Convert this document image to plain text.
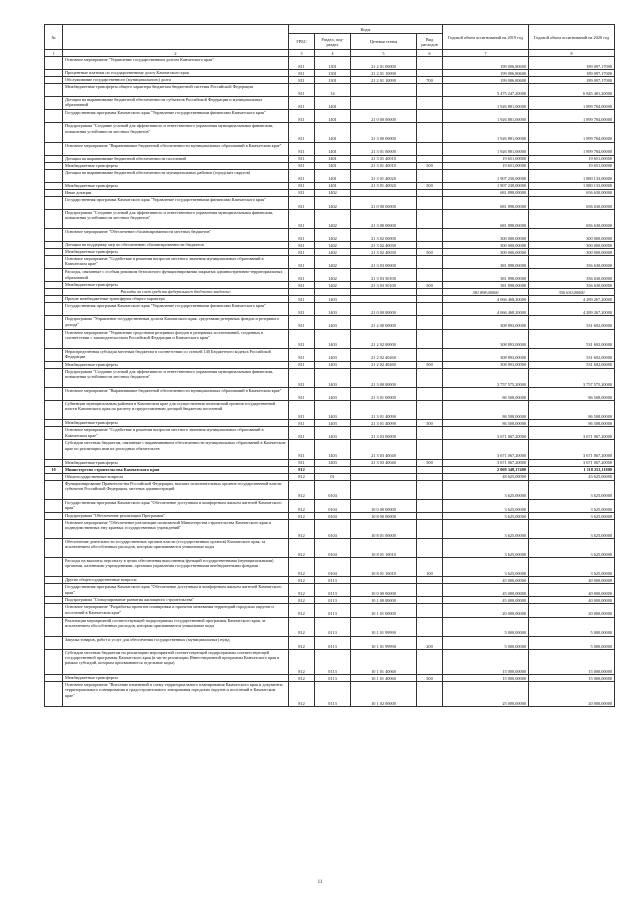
№		Коды				Годовой объем ассигнований на 2019 год	Годовой объем ассигнований на 2020 год
		ГРБС	Раздел, под-раздел	Целевая статья	Вид расходов		
1	2	3	4	5	6	7	8
	Основное мероприятие "Управление государственным долгом Камчатского края"	811	1301	21 2 01 00000		199 006,80600	189 097,17000
	Процентные платежи по государственному долгу Камчатского края	811	1301	21 2 01 10090		199 006,80600	189 097,17000
	Обслуживание государственного (муниципального) долга	811	1301	21 2 01 10090	700	199 006,80600	189 097,17000
	Межбюджетные трансферты общего характера бюджетам бюджетной системы Российской Федерации	811	14			5 475 247,20000	6 845 481,20000
	Дотации на выравнивание бюджетной обеспеченности субъектов Российской Федерации и муниципальных образований	811	1401			1 926 881,00000	1 899 784,00000
	Государственная программа Камчатского края "Управление государственными финансами Камчатского края"	811	1401	21 0 00 00000		1 926 881,00000	1 899 784,00000
	Подпрограмма "Создание условий для эффективного и ответственного управления муниципальными финансами, повышения устойчивости местных бюджетов"	811	1401	21 3 00 00000		1 926 881,00000	1 899 784,00000
	Основное мероприятие "Выравнивание бюджетной обеспеченности муниципальных образований в Камчатском крае"	811	1401	21 3 01 00000		1 926 881,00000	1 899 784,00000
	Дотации на выравнивание бюджетной обеспеченности поселений	811	1401	21 3 01 40010		19 651,00000	19 651,00000
	Межбюджетные трансферты	811	1401	21 3 01 40010	500	19 651,00000	19 651,00000
	Дотации на выравнивание бюджетной обеспеченности муниципальных районов (городских округов)	811	1401	21 3 01 40020		1 907 230,00000	1 880 133,00000
	Межбюджетные трансферты	811	1401	21 3 01 40020	500	1 907 230,00000	1 880 133,00000
	Иные дотации	811	1402			681 898,00000	656 630,00000
	Государственная программа Камчатского края "Управление государственными финансами Камчатского края"	811	1402	21 0 00 00000		681 898,00000	656 630,00000
	Подпрограмма "Создание условий для эффективного и ответственного управления муниципальными финансами, повышения устойчивости местных бюджетов"	811	1402	21 3 00 00000		681 898,00000	656 630,00000
	Основное мероприятие "Обеспечение сбалансированности местных бюджетов"	811	1402	21 3 02 00000		300 000,00000	300 000,00000
	Дотации на поддержку мер по обеспечению сбалансированности бюджетов	811	1402	21 3 02 40030		300 000,00000	300 000,00000
	Межбюджетные трансферты	811	1402	21 3 02 40030	500	300 000,00000	300 000,00000
	Основное мероприятие "Содействие в решении вопросов местного значения муниципальных образований в Камчатском крае"	811	1402	21 3 03 00000		381 898,00000	356 630,00000
	Расходы, связанные с особым режимом безопасного функционирования закрытых административно-территориальных образований	811	1402	21 3 03 50100		381 898,00000	356 630,00000
	Межбюджетные трансферты	811	1402	21 3 03 50100	500	381 898,00000	356 630,00000
	Расходы за счет средств федерального бюджета выделено					381 898,00000	356 630,00000
	Прочие межбюджетные трансферты общего характера	811	1403			4 066 468,20000	4 289 267,20000
	Государственная программа Камчатского края "Управление государственными финансами Камчатского края"	811	1403	21 0 00 00000		4 066 468,20000	4 289 267,20000
	Подпрограмма "Управление государственным долгом Камчатского края, средствами резервных фондов и резервного дохода"	811	1403	21 2 00 00000		308 893,00000	531 692,00000
	Основное мероприятие "Управление средствами резервных фондов и резервных ассигнований, созданных в соответствии с законодательством Российской Федерации и Камчатского края"	811	1403	21 2 02 00000		308 893,00000	531 692,00000
	Нераспределённая субсидия местным бюджетам в соответствии со статьей 140 Бюджетного кодекса Российской Федерации	811	1403	21 2 02 40260		308 893,00000	531 692,00000
	Межбюджетные трансферты	811	1403	21 2 02 40260	500	308 893,00000	531 692,00000
	Подпрограмма "Создание условий для эффективного и ответственного управления муниципальными финансами, повышения устойчивости местных бюджетов"	811	1403	21 3 00 00000		3 757 575,20000	3 757 575,20000
	Основное мероприятие "Выравнивание бюджетной обеспеченности муниципальных образований в Камчатском крае"	811	1403	21 3 01 00000		86 508,00000	86 508,00000
	Субвенции муниципальным районам в Камчатском крае для осуществления полномочий органов государственной власти Камчатского края по расчету и предоставлению дотаций бюджетам поселений	811	1403	21 3 01 40090		86 508,00000	86 508,00000
	Межбюджетные трансферты	811	1403	21 3 01 40090	500	86 508,00000	86 508,00000
	Основное мероприятие "Содействие в решении вопросов местного значения муниципальных образований в Камчатском крае"	811	1403	21 3 03 00000		3 671 067,20000	3 671 067,20000
	Субсидии местным бюджетам, связанные с выравниванием обеспеченности муниципальных образований в Камчатском крае по реализации ими их расходных обязательств	811	1403	21 3 03 40040		3 671 067,20000	3 671 067,20000
	Межбюджетные трансферты	811	1403	21 3 03 40040	500	3 671 067,20000	3 671 067,20000
10	Министерство строительства Камчатского края	812				2 069 348,17400	1 118 253,11800
	Общегосударственные вопросы	812	01			48 625,00000	43 625,00000
	Функционирование Правительства Российской Федерации, высших исполнительных органов государственной власти субъектов Российской Федерации, местных администраций	812	0104			3 625,00000	3 625,00000
	Государственная программа Камчатского края "Обеспечение доступным и комфортным жильем жителей Камчатского края"	812	0104	10 0 00 00000		3 625,00000	3 625,00000
	Подпрограмма "Обеспечение реализации Программы"	812	0104	10 8 00 00000		3 625,00000	3 625,00000
	Основное мероприятие "Обеспечение реализации полномочий Министерства строительства Камчатского края и подведомственных ему краевых государственных учреждений"	812	0104	10 8 01 00000		3 625,00000	3 625,00000
	Обеспечение деятельности государственных органов власти (государственных органов) Камчатского края, за исключением обособленных расходов, которым присваиваются уникальные коды	812	0104	10 8 01 10010		3 625,00000	3 625,00000
	Расходы на выплаты персоналу в целях обеспечения выполнения функций государственными (муниципальными) органами, казенными учреждениями, органами управления государственными внебюджетными фондами	812	0104	10 8 01 10010	100	3 625,00000	3 625,00000
	Другие общегосударственные вопросы	812	0113			45 000,00000	40 000,00000
	Государственная программа Камчатского края "Обеспечение доступным и комфортным жильем жителей Камчатского края"	812	0113	10 0 00 00000		45 000,00000	40 000,00000
	Подпрограмма "Стимулирование развития жилищного строительства"	812	0113	10 1 00 00000		45 000,00000	40 000,00000
	Основное мероприятие "Разработка проектов планировки и проектов межевания территорий городских округов и поселений в Камчатском крае"	812	0113	10 1 01 00000		20 000,00000	20 000,00000
	Реализация мероприятий соответствующей подпрограммы государственной программы Камчатского края, за исключением обособленных расходов, которым присваиваются уникальные коды	812	0113	10 1 01 99990		5 000,00000	5 000,00000
	Закупка товаров, работ и услуг для обеспечения государственных (муниципальных) нужд	812	0113	10 1 01 99990	200	5 000,00000	5 000,00000
	Субсидии местным бюджетам на реализацию мероприятий соответствующей подпрограммы соответствующей государственной программы Камчатского края (в части реализации Инвестиционной программы Камчатского края в рамках субсидий, которым присваиваются отдельные коды)	812	0113	10 1 01 40060		15 000,00000	15 000,00000
	Межбюджетные трансферты	812	0113	10 1 01 40060	500	15 000,00000	15 000,00000
	Основное мероприятие "Внесение изменений в схему территориального планирования Камчатского края и документы территориального планирования и градостроительного зонирования городских округов и поселений в Камчатском крае"	812	0113	10 1 02 00000		25 000,00000	20 000,00000
11
